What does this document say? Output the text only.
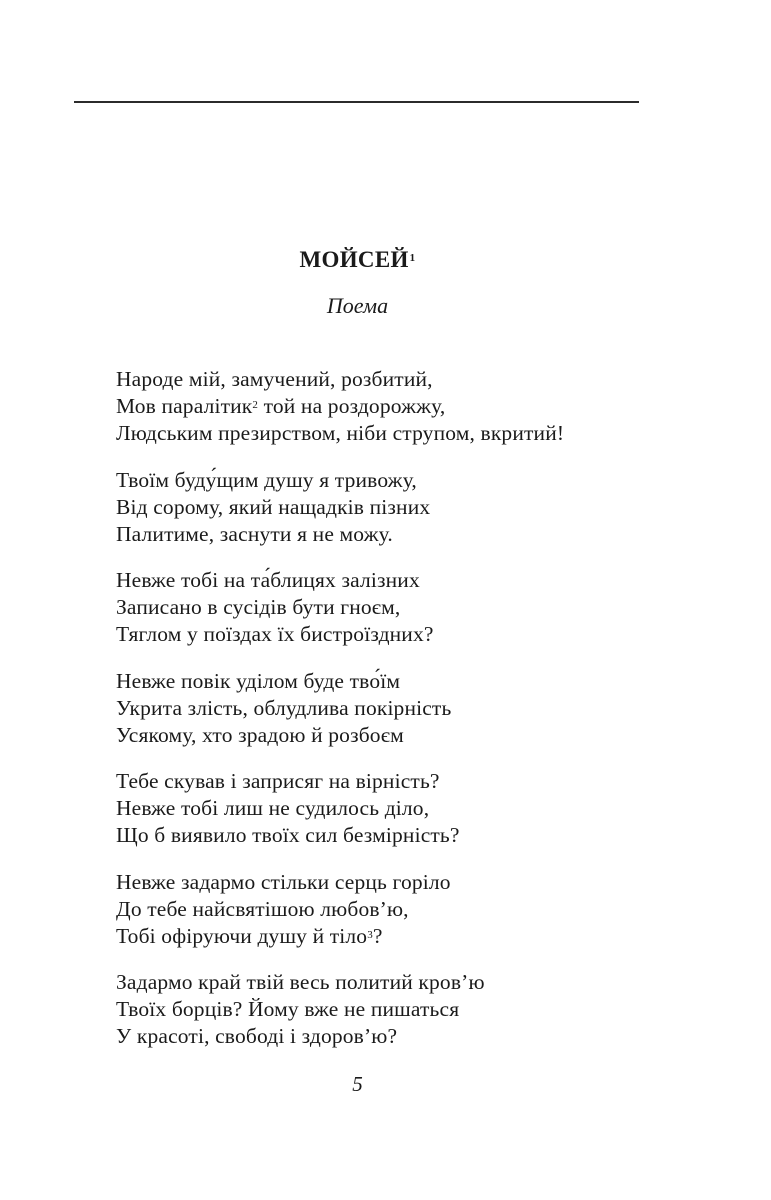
МОЙСЕЙ$^1$
Поема
Народе мій, замучений, розбитий,
Мов паралітик$^2$ той на роздорожжу,
Людським презирством, ніби струпом, вкритий!
Твоїм буду́щим душу я тривожу,
Від сорому, який нащадків пізних
Палитиме, заснути я не можу.
Невже тобі на та́блицях залізних
Записано в сусідів бути гноєм,
Тяглом у поїздах їх бистроїздних?
Невже повік уділом буде тво́їм
Укрита злість, облудлива покірність
Усякому, хто зрадою й розбоєм
Тебе скував і заприсяг на вірність?
Невже тобі лиш не судилось діло,
Що б виявило твоїх сил безмірність?
Невже задармо стільки серць горіло
До тебе найсвятішою любов’ю,
Тобі офіруючи душу й тіло$^3$?
Задармо край твій весь политий кров’ю
Твоїх борців? Йому вже не пишаться
У красоті, свободі і здоров’ю?
5
